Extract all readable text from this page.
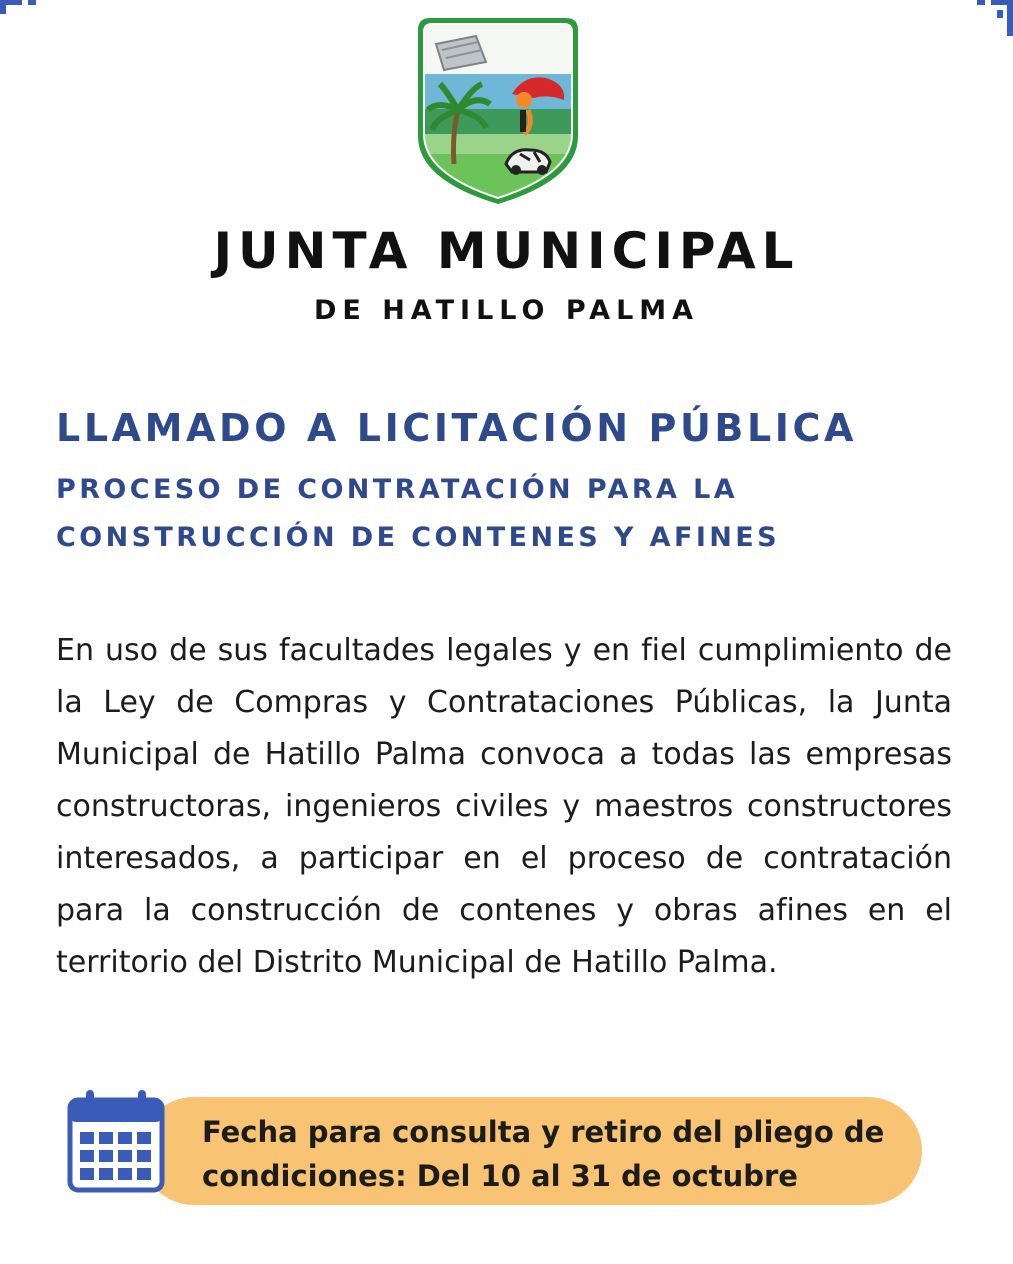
JUNTA MUNICIPAL
DE HATILLO PALMA
LLAMADO A LICITACIÓN PÚBLICA
PROCESO DE CONTRATACIÓN PARA LA
CONSTRUCCIÓN DE CONTENES Y AFINES

En uso de sus facultades legales y en fiel cumplimiento de la Ley de Compras y Contrataciones Públicas, la Junta Municipal de Hatillo Palma convoca a todas las empresas constructoras, ingenieros civiles y maestros constructores interesados, a participar en el proceso de contratación para la construcción de contenes y obras afines en el territorio del Distrito Municipal de Hatillo Palma.

Fecha para consulta y retiro del pliego de condiciones: Del 10 al 31 de octubre
